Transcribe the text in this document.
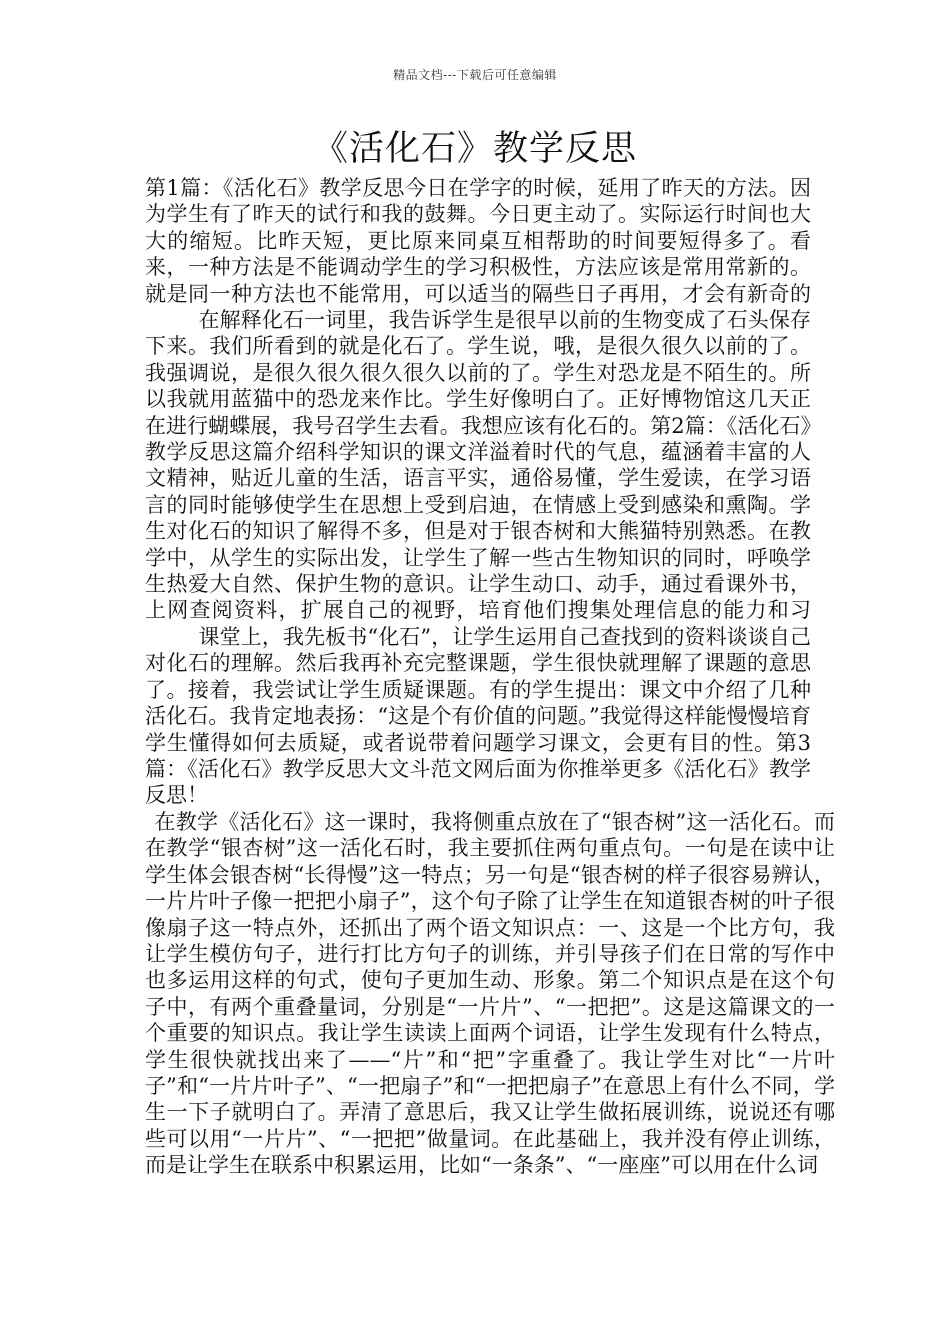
精品文档---下载后可任意编辑
《活化石》教学反思

第1篇：《活化石》教学反思今日在学字的时候，延用了昨天的方法。因为学生有了昨天的试行和我的鼓舞。今日更主动了。实际运行时间也大大的缩短。比昨天短，更比原来同桌互相帮助的时间要短得多了。看来，一种方法是不能调动学生的学习积极性，方法应该是常用常新的。就是同一种方法也不能常用，可以适当的隔些日子再用，才会有新奇的

在解释化石一词里，我告诉学生是很早以前的生物变成了石头保存下来。我们所看到的就是化石了。学生说，哦，是很久很久以前的了。我强调说，是很久很久很久很久以前的了。学生对恐龙是不陌生的。所以我就用蓝猫中的恐龙来作比。学生好像明白了。正好博物馆这几天正在进行蝴蝶展，我号召学生去看。我想应该有化石的。第2篇：《活化石》教学反思这篇介绍科学知识的课文洋溢着时代的气息，蕴涵着丰富的人文精神，贴近儿童的生活，语言平实，通俗易懂，学生爱读，在学习语言的同时能够使学生在思想上受到启迪，在情感上受到感染和熏陶。学生对化石的知识了解得不多，但是对于银杏树和大熊猫特别熟悉。在教学中，从学生的实际出发，让学生了解一些古生物知识的同时，呼唤学生热爱大自然、保护生物的意识。让学生动口、动手，通过看课外书，上网查阅资料，扩展自己的视野，培育他们搜集处理信息的能力和习

课堂上，我先板书“化石”，让学生运用自己查找到的资料谈谈自己对化石的理解。然后我再补充完整课题，学生很快就理解了课题的意思了。接着，我尝试让学生质疑课题。有的学生提出：课文中介绍了几种活化石。我肯定地表扬：“这是个有价值的问题。”我觉得这样能慢慢培育学生懂得如何去质疑，或者说带着问题学习课文，会更有目的性。第3篇：《活化石》教学反思大文斗范文网后面为你推举更多《活化石》教学反思！

在教学《活化石》这一课时，我将侧重点放在了“银杏树”这一活化石。而在教学“银杏树”这一活化石时，我主要抓住两句重点句。一句是在读中让学生体会银杏树“长得慢”这一特点；另一句是“银杏树的样子很容易辨认，一片片叶子像一把把小扇子”，这个句子除了让学生在知道银杏树的叶子很像扇子这一特点外，还抓出了两个语文知识点：一、这是一个比方句，我让学生模仿句子，进行打比方句子的训练，并引导孩子们在日常的写作中也多运用这样的句式，使句子更加生动、形象。第二个知识点是在这个句子中，有两个重叠量词，分别是“一片片”、“一把把”。这是这篇课文的一个重要的知识点。我让学生读读上面两个词语，让学生发现有什么特点，学生很快就找出来了——“片”和“把”字重叠了。我让学生对比“一片叶子”和“一片片叶子”、“一把扇子”和“一把把扇子”在意思上有什么不同，学生一下子就明白了。弄清了意思后，我又让学生做拓展训练，说说还有哪些可以用“一片片”、“一把把”做量词。在此基础上，我并没有停止训练，而是让学生在联系中积累运用，比如“一条条”、“一座座”可以用在什么词
